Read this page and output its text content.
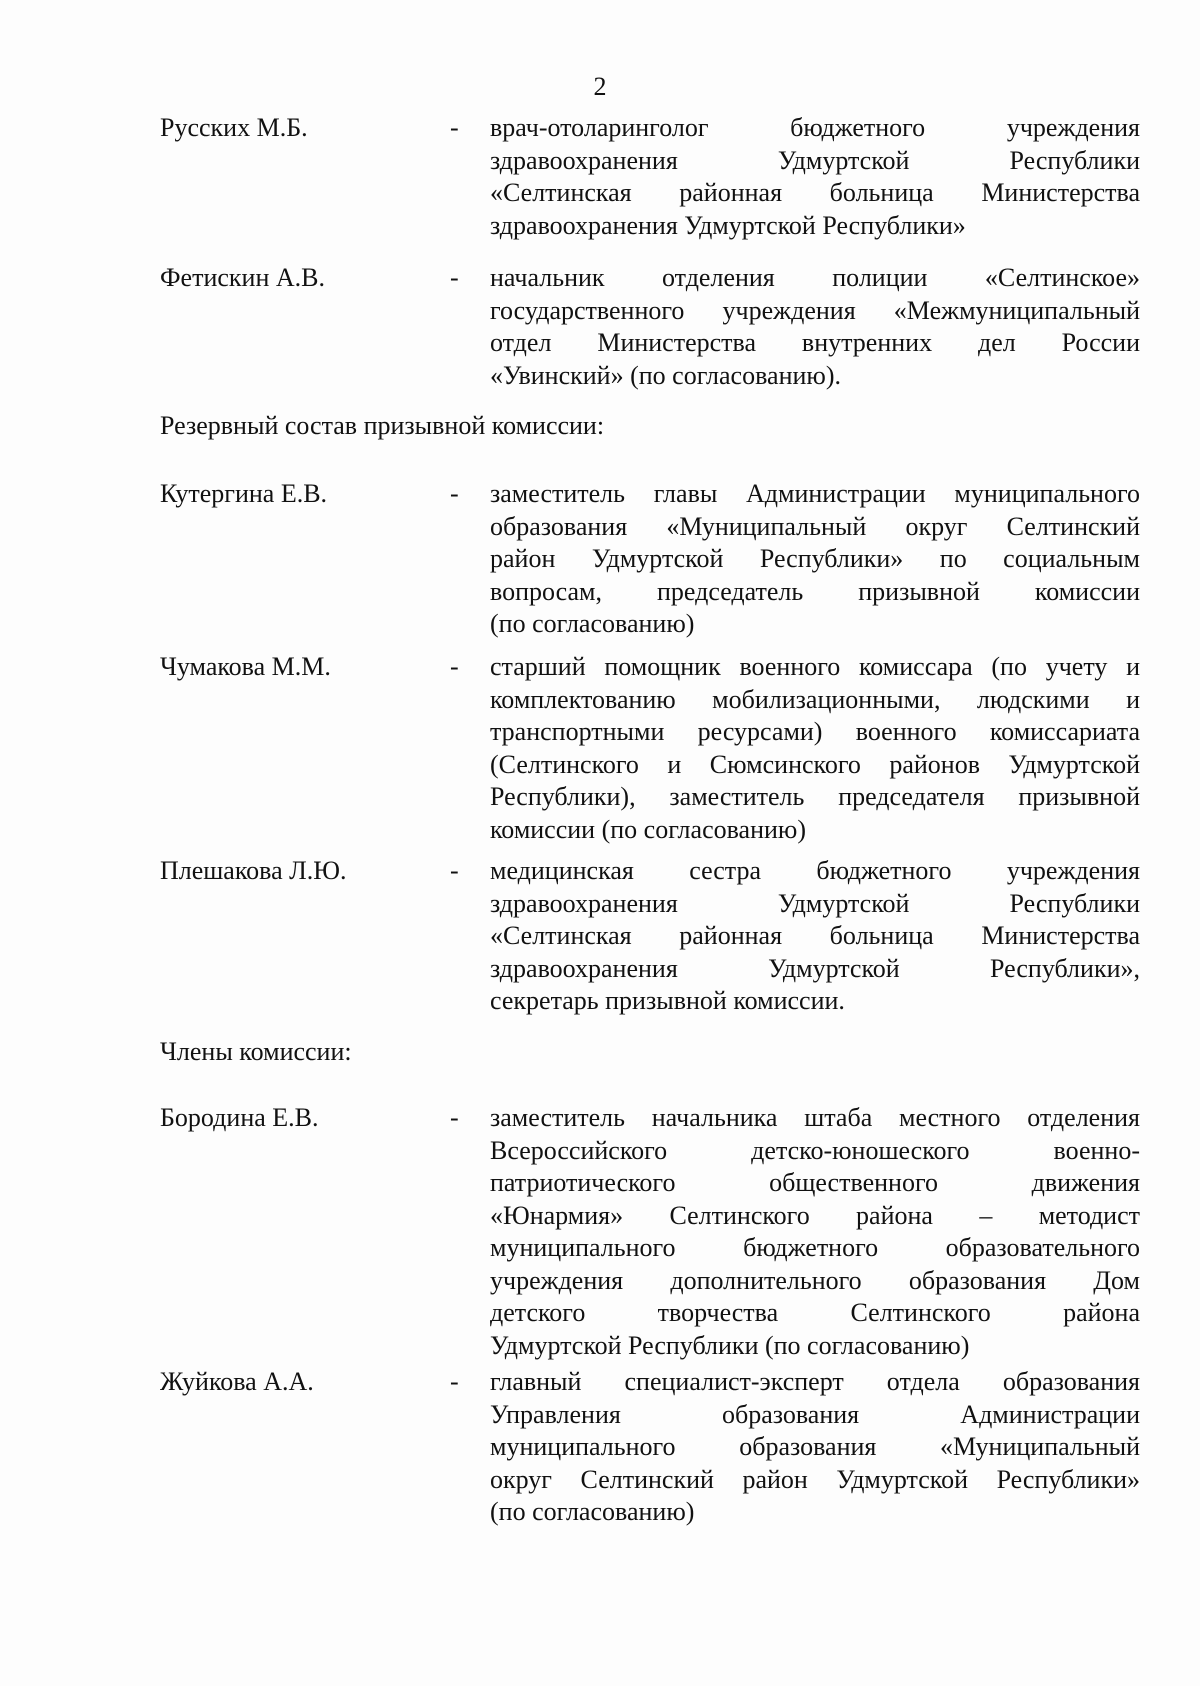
2
Русских М.Б.	- врач-отоларинголог бюджетного учреждения
здравоохранения Удмуртской Республики
«Селтинская районная больница Министерства
здравоохранения Удмуртской Республики»
Фетискин А.В.	- начальник отделения полиции «Селтинское»
государственного учреждения «Межмуниципальный
отдел Министерства внутренних дел России
«Увинский» (по согласованию).
Резервный состав призывной комиссии:
Кутергина Е.В.	- заместитель главы Администрации муниципального
образования «Муниципальный округ Селтинский
район Удмуртской Республики» по социальным
вопросам, председатель призывной комиссии
(по согласованию)
Чумакова М.М.	- старший помощник военного комиссара (по учету и
комплектованию мобилизационными, людскими и
транспортными ресурсами) военного комиссариата
(Селтинского и Сюмсинского районов Удмуртской
Республики), заместитель председателя призывной
комиссии (по согласованию)
Плешакова Л.Ю.	- медицинская сестра бюджетного учреждения
здравоохранения Удмуртской Республики
«Селтинская районная больница Министерства
здравоохранения Удмуртской Республики»,
секретарь призывной комиссии.
Члены комиссии:
Бородина Е.В.	- заместитель начальника штаба местного отделения
Всероссийского детско-юношеского военно-
патриотического общественного движения
«Юнармия» Селтинского района – методист
муниципального бюджетного образовательного
учреждения дополнительного образования Дом
детского творчества Селтинского района
Удмуртской Республики (по согласованию)
Жуйкова А.А.	- главный специалист-эксперт отдела образования
Управления образования Администрации
муниципального образования «Муниципальный
округ Селтинский район Удмуртской Республики»
(по согласованию)
